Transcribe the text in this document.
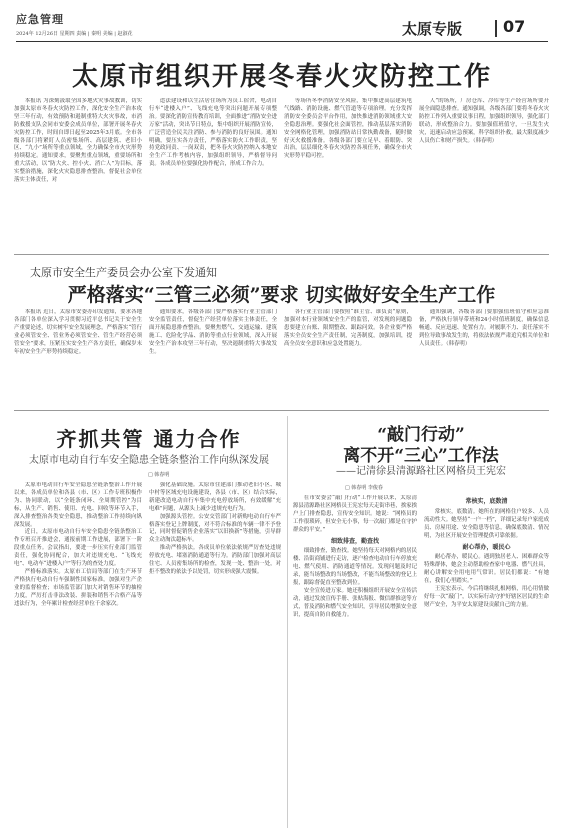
应急管理
2024年 12月26日 星期四 责编 | 秦明 美编 | 赵淑花	太原专版	07
太原市组织开展冬春火灾防控工作

本报讯 为深刻汲取全国多地火灾事故教训，切实加强太原市冬春火灾防控工作，深化安全生产治本攻坚三年行动，有效预防和遏制重特大火灾事故，市消防救援支队会同市安委会成员单位，部署开展冬春火灾防控工作，时间自即日起至2025年3月底。全市各级各部门将紧盯人员密集场所、高层建筑、老旧小区、“九小”场所等重点领域，全力确保全市火灾形势持续稳定。通知要求，要聚焦重点领域，重要场所和重大活动，以“防大火、控小火、消亡人”为目标，落实整治措施，深化火灾隐患排查整治，督促社会单位落实主体责任，对

违法建设和以生活居住场所为员工宿舍，电动自行车“进楼入户”、飞线充电等突出问题开展专项整治。要深化消防宣传教育培训，全面推进“消防安全进万家”活动，突出节日特点，集中组织开展消防宣传，广泛营造全民关注消防、参与消防的良好氛围。通知明确，要压实各方责任，严格落实防火工作职责，坚持党政同责、一岗双责，把冬春火灾防控纳入本地安全生产工作考核内容，加强组织领导，严格督导问责。各成员单位要强化协作配合，形成工作合力。

等场所冬季消防安全风险，集中推进高层建筑电气线路、消防设施、燃气管道等专项治理。充分发挥消防安全委员会平台作用，加快推进消防领域重大安全隐患治理。要强化社会面管控，推动基层落实消防安全网格化管理，加强消防站日常执勤战备，随时做好灭火救援准备。各级各部门要立足早、着眼防、突出治，层层细化冬春火灾防控各项任务，确保全市火灾形势平稳可控。

人”的场所，厂房仓库、冷库等生产经营场所要开展全面隐患排查。通知强调，各级各部门要将冬春火灾防控工作列入重要议事日程，加强组织领导，强化部门联动，形成整治合力。要加强值班值守，一旦发生火灾，迅速启动应急预案，科学组织扑救，最大限度减少人员伤亡和财产损失。（韩春明）

太原市安全生产委员会办公室下发通知
严格落实“三管三必须”要求 切实做好安全生产工作

本报讯 近日，太原市安委办印发通知，要求各地各部门各单位深入学习贯彻习近平总书记关于安全生产重要论述，切实树牢安全发展理念，严格落实“管行业必须管安全、管业务必须管安全、管生产经营必须管安全”要求，压紧压实安全生产各方责任，确保岁末年初安全生产形势持续稳定。

通知要求，各级各部门要严格落实行业主管部门安全监管责任，督促生产经营单位落实主体责任，全面开展隐患排查整治。要聚焦燃气、交通运输、建筑施工、危险化学品、消防等重点行业领域，深入开展安全生产治本攻坚三年行动，坚决遏制重特大事故发生。

各行业主管部门要按照“谁主管、谁负责”原则，加强对本行业领域安全生产的监管，对发现的问题隐患要建立台账、限期整改、跟踪问效。各企业要严格落实全员安全生产责任制，完善制度，加强培训，提高全员安全意识和应急处置能力。

通知强调，各级各部门要加强值班值守和应急准备，严格执行领导带班和24小时值班制度，确保信息畅通、反应迅速、处置有力。对履职不力、责任落实不到位导致事故发生的，将依法依规严肃追究相关单位和人员责任。（韩春明）

齐抓共管 通力合作
太原市电动自行车安全隐患全链条整治工作向纵深发展
□ 韩春明

太原市电动自行车安全隐患全链条整治工作开展以来，各成员单位和各县（市、区）工作专班积极作为、协同联动，以“全链条闭环、全周期管控”为目标，从生产、销售、使用、充电、回收等环节入手，深入排查整治各类安全隐患，推动整治工作持续向纵深发展。

近日，太原市电动自行车安全隐患全链条整治工作专班召开推进会，通报前期工作进展，部署下一阶段重点任务。会议指出，要进一步压实行业部门监管责任，强化协同配合，加大对违规充电、“飞线充电”、电动车“进楼入户”等行为的查处力度。

严格标准落实。太原市工信局等部门在生产环节严格执行电动自行车强制性国家标准，加强对生产企业的监督检查；市场监管部门加大对销售环节的抽检力度，严厉打击非法改装、拼装和销售不合格产品等违法行为，全年累计检查经营单位千余家次。

强化基础设施。太原市住建部门推动老旧小区、城中村等区域充电设施建设，各县（市、区）结合实际，新建改造电动自行车集中充电停放场所，有效缓解“充电难”问题，从源头上减少违规充电行为。

加强源头管控。公安交管部门对新购电动自行车严格落实登记上牌制度，对不符合标准的车辆一律不予登记，同时督促销售企业落实“以旧换新”等措施，引导群众主动淘汰超标车。

推动严格执法。各成员单位依法依规严厉查处违规停放充电、堵塞消防通道等行为。消防部门加强对高层住宅、人员密集场所的检查，发现一处、整治一处，对拒不整改的依法予以处罚，切实形成强大震慑。

“敲门行动”
离不开“三心”工作法
——记清徐县清源路社区网格员王宪宏
□ 韩春明 李俊春

在市安委会“敲门行动”工作开展以来，太原清源县清源路社区网格员王宪宏每天走街串巷，挨家挨户上门排查隐患，宣传安全知识。她说：“网格员的工作很琐碎，但安全无小事，每一次敲门都是在守护群众的平安。”

细致排查，勤查找

细致排查，勤查找。她坚持每天对网格内的居民楼、沿街商铺进行走访，逐户检查电动自行车停放充电、燃气使用、消防通道等情况。发现问题及时记录，能当场整改的当场整改，不能当场整改的登记上报，跟踪督促直至整改到位。

安全宣传进万家。她还积极组织开展安全宣传活动，通过发放宣传手册、张贴海报、微信群推送等方式，普及消防和燃气安全知识，引导居民增强安全意识，提高自防自救能力。

常核实，底数清

常核实，底数清。她所在的网格住户较多、人员流动性大。她坚持“一户一档”，详细记录每户家庭成员、房屋用途、安全隐患等信息，确保底数清、情况明，为社区开展安全管理提供可靠依据。

耐心帮办，暖民心

耐心帮办，暖民心。遇到独居老人、困难群众等特殊群体，她会主动帮助检查家中电器、燃气灶具，耐心讲解安全用电用气常识。居民们都说：“有她在，我们心里踏实。”

王宪宏表示，今后将继续扎根网格，用心用情做好每一次“敲门”，以实际行动守护好辖区居民的生命财产安全，为平安太原建设贡献自己的力量。
